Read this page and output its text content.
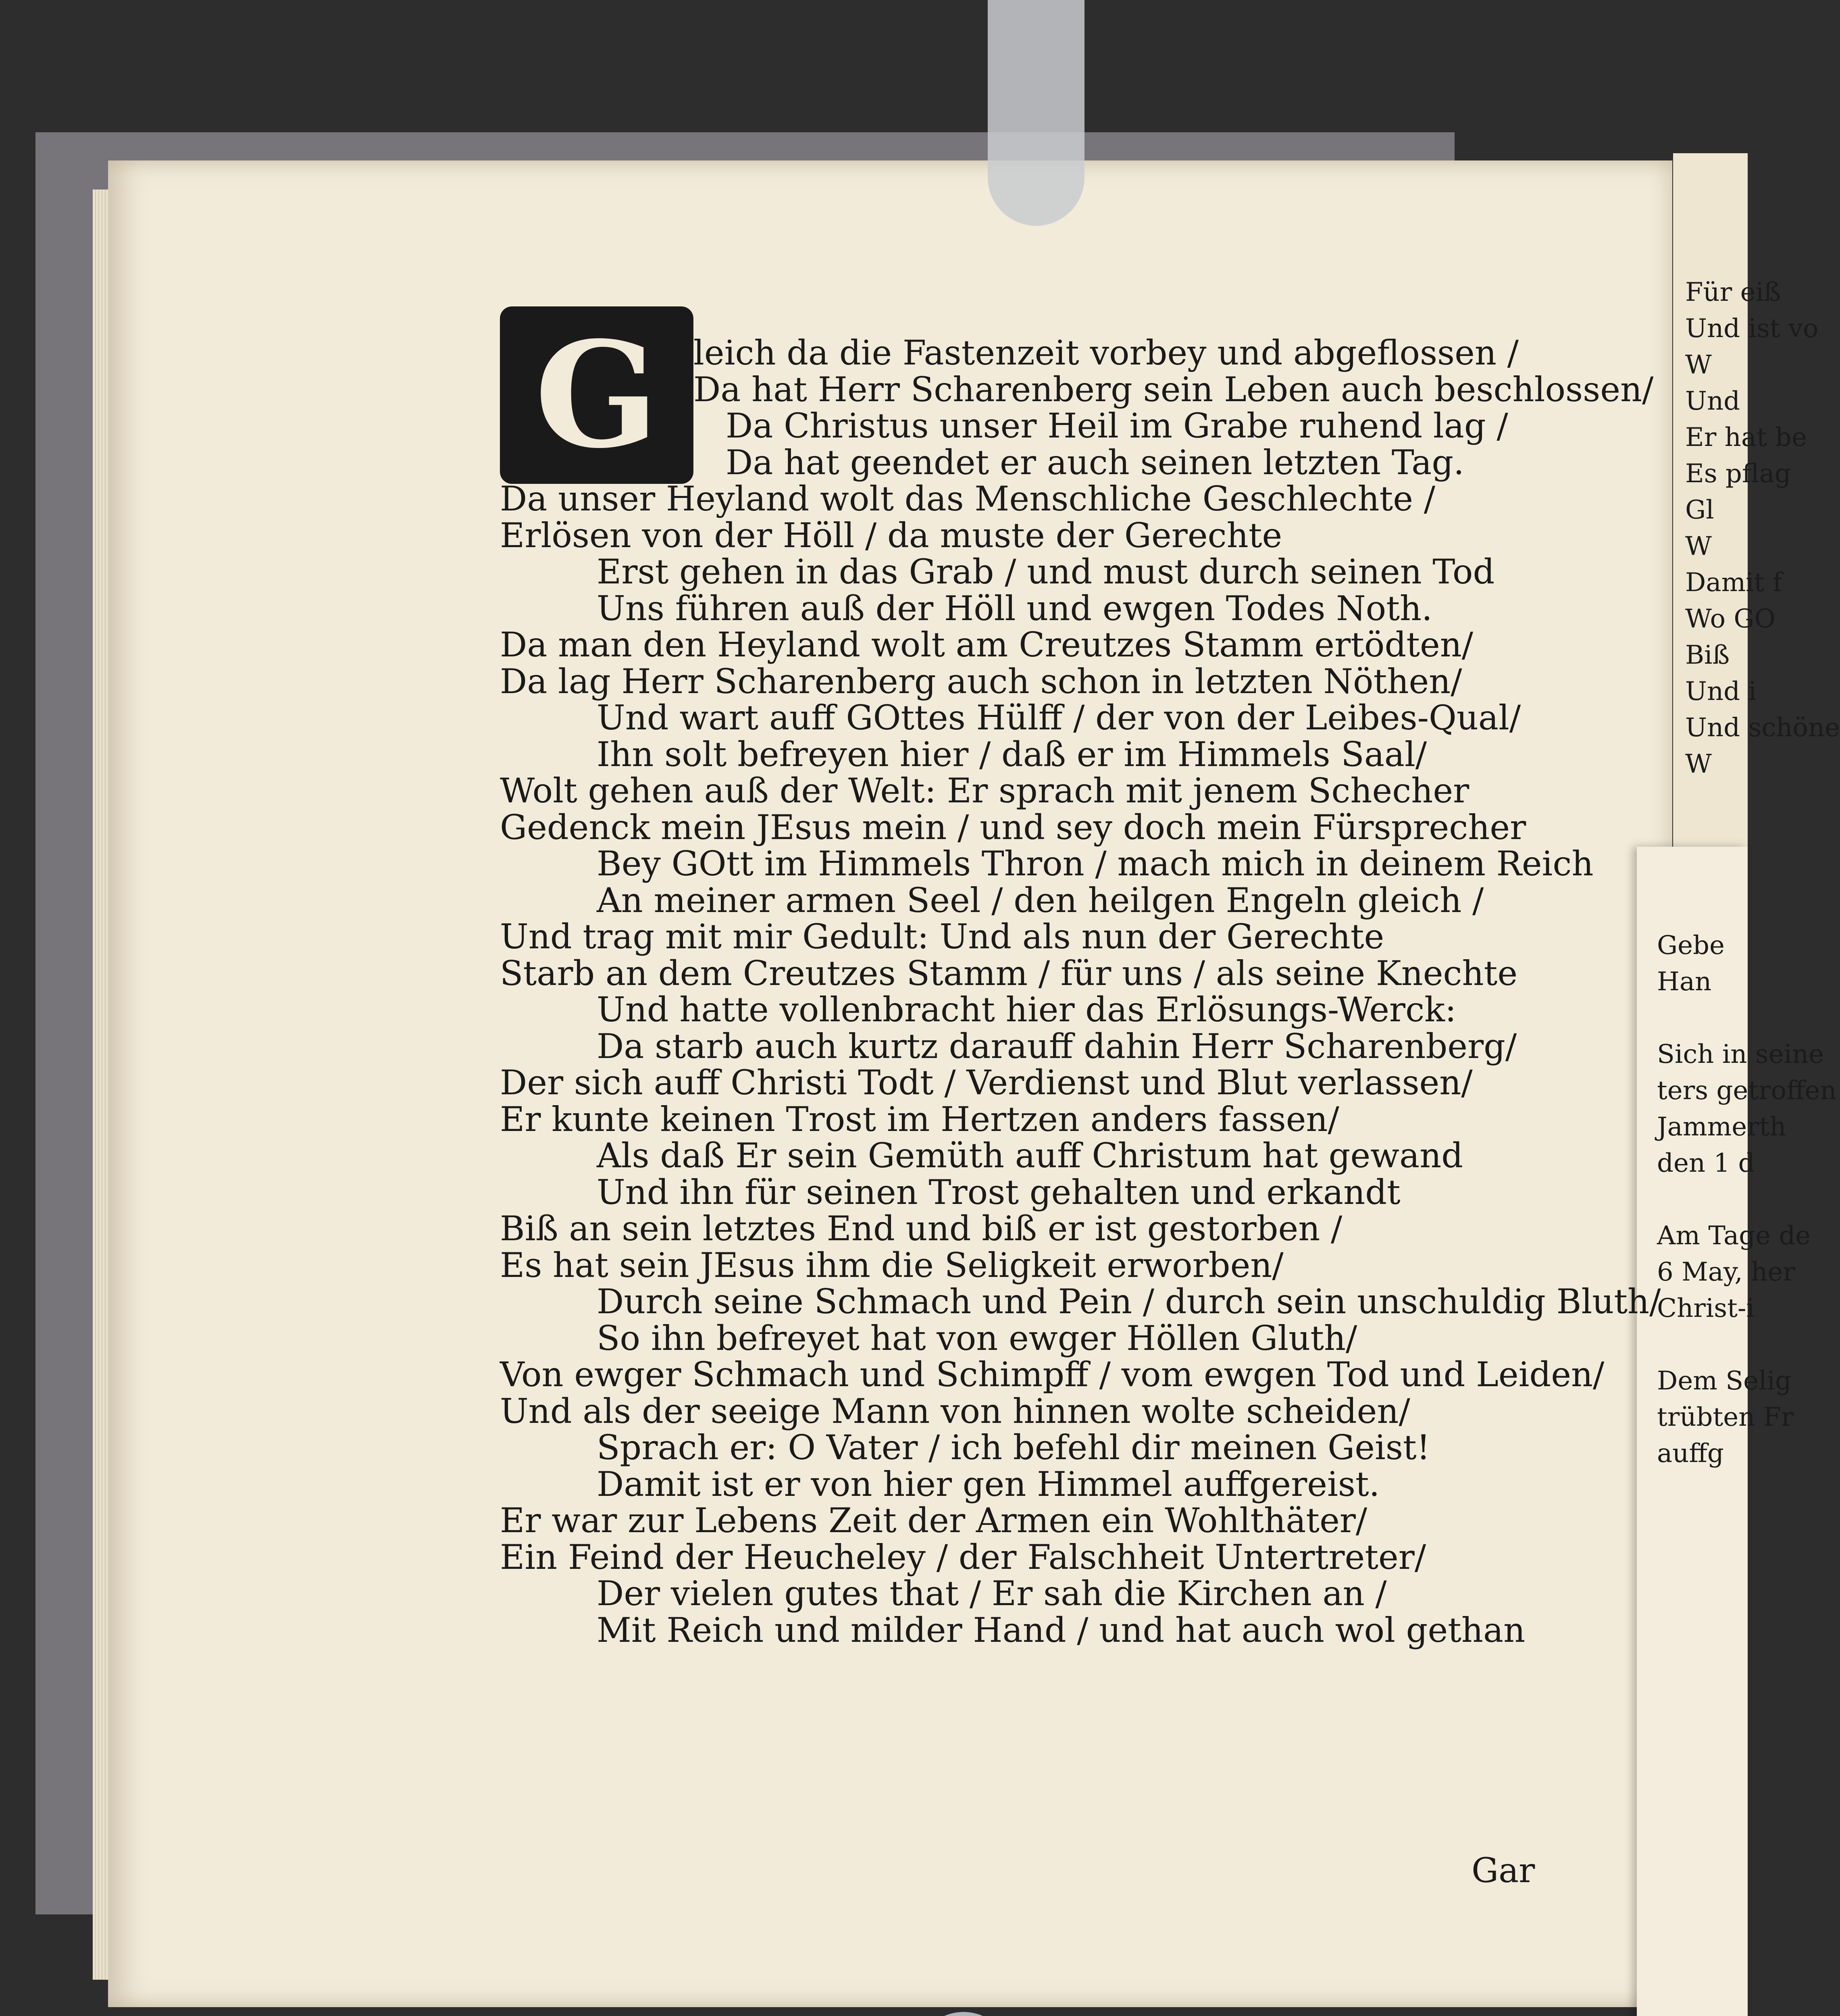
Für eiß
Und ist vo
W
Und
Er hat be
Es pflag
Gl
W
Damit f
Wo GO
Biß
Und i
Und schöne
W
Gebe
Han

Sich in seine
ters getroffen
Jammerth
den 1 d

Am Tage de
6 May, her
Christ-i

Dem Selig
trübten Fr
auffg
G	leich da die Fastenzeit vorbey und abgeflossen /
Da hat Herr Scharenberg sein Leben auch beschlossen/
Da Christus unser Heil im Grabe ruhend lag /
Da hat geendet er auch seinen letzten Tag.
Da unser Heyland wolt das Menschliche Geschlechte /
Erlösen von der Höll / da muste der Gerechte
Erst gehen in das Grab / und must durch seinen Tod
Uns führen auß der Höll und ewgen Todes Noth.
Da man den Heyland wolt am Creutzes Stamm ertödten/
Da lag Herr Scharenberg auch schon in letzten Nöthen/
Und wart auff GOttes Hülff / der von der Leibes-Qual/
Ihn solt befreyen hier / daß er im Himmels Saal/
Wolt gehen auß der Welt: Er sprach mit jenem Schecher
Gedenck mein JEsus mein / und sey doch mein Fürsprecher
Bey GOtt im Himmels Thron / mach mich in deinem Reich
An meiner armen Seel / den heilgen Engeln gleich /
Und trag mit mir Gedult: Und als nun der Gerechte
Starb an dem Creutzes Stamm / für uns / als seine Knechte
Und hatte vollenbracht hier das Erlösungs-Werck:
Da starb auch kurtz darauff dahin Herr Scharenberg/
Der sich auff Christi Todt / Verdienst und Blut verlassen/
Er kunte keinen Trost im Hertzen anders fassen/
Als daß Er sein Gemüth auff Christum hat gewand
Und ihn für seinen Trost gehalten und erkandt
Biß an sein letztes End und biß er ist gestorben /
Es hat sein JEsus ihm die Seligkeit erworben/
Durch seine Schmach und Pein / durch sein unschuldig Bluth/
So ihn befreyet hat von ewger Höllen Gluth/
Von ewger Schmach und Schimpff / vom ewgen Tod und Leiden/
Und als der seeige Mann von hinnen wolte scheiden/
Sprach er: O Vater / ich befehl dir meinen Geist!
Damit ist er von hier gen Himmel auffgereist.
Er war zur Lebens Zeit der Armen ein Wohlthäter/
Ein Feind der Heucheley / der Falschheit Untertreter/
Der vielen gutes that / Er sah die Kirchen an /
Mit Reich und milder Hand / und hat auch wol gethan
Gar
